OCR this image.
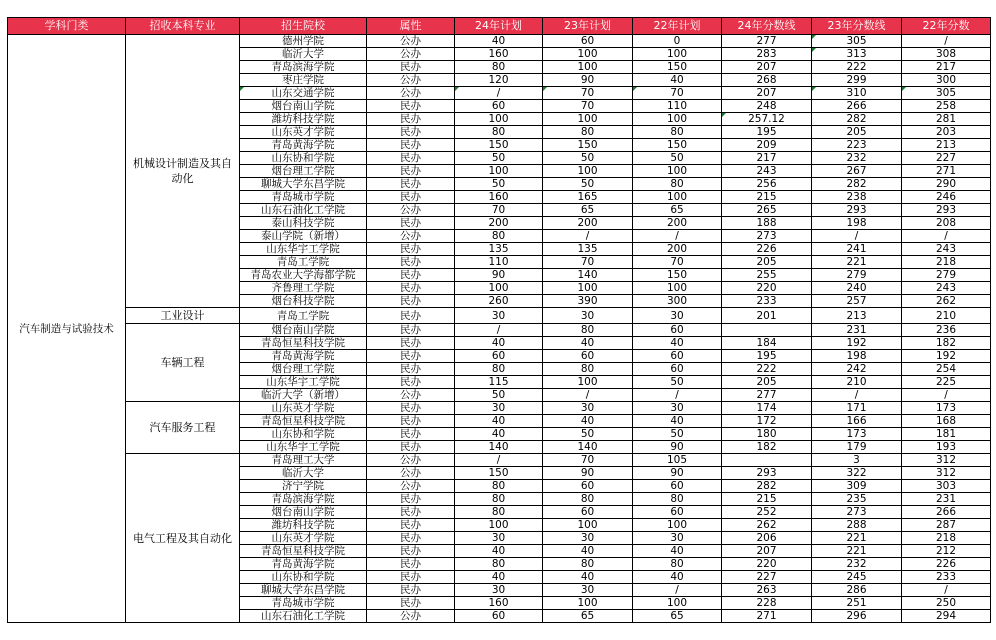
学科门类	招收本科专业	招生院校	属性	24年计划	23年计划	22年计划	24年分数线	23年分数线	22年分数
汽车制造与试验技术	机械设计制造及其自动化	德州学院	公办	40	60	0	277	305	/
		临沂大学	公办	160	100	100	283	313	308
		青岛滨海学院	民办	80	100	150	207	222	217
		枣庄学院	公办	120	90	40	268	299	300
		山东交通学院	公办	/	70	70	207	310	305
		烟台南山学院	民办	60	70	110	248	266	258
		潍坊科技学院	民办	100	100	100	257.12	282	281
		山东英才学院	民办	80	80	80	195	205	203
		青岛黄海学院	民办	150	150	150	209	223	213
		山东协和学院	民办	50	50	50	217	232	227
		烟台理工学院	民办	100	100	100	243	267	271
		聊城大学东昌学院	民办	50	50	80	256	282	290
		青岛城市学院	民办	160	165	100	215	238	246
		山东石油化工学院	公办	70	65	65	265	293	293
		泰山科技学院	民办	200	200	200	188	198	208
		泰山学院（新增）	公办	80	/	/	273	/	/
		山东华宇工学院	民办	135	135	200	226	241	243
		青岛工学院	民办	110	70	70	205	221	218
		青岛农业大学海都学院	民办	90	140	150	255	279	279
		齐鲁理工学院	民办	100	100	100	220	240	243
		烟台科技学院	民办	260	390	300	233	257	262
	工业设计	青岛工学院	民办	30	30	30	201	213	210
	车辆工程	烟台南山学院	民办	/	80	60		231	236
		青岛恒星科技学院	民办	40	40	40	184	192	182
		青岛黄海学院	民办	60	60	60	195	198	192
		烟台理工学院	民办	80	80	60	222	242	254
		山东华宇工学院	民办	115	100	50	205	210	225
		临沂大学（新增）	公办	50	/	/	277	/	/
	汽车服务工程	山东英才学院	民办	30	30	30	174	171	173
		青岛恒星科技学院	民办	40	40	40	172	166	168
		山东协和学院	民办	40	50	50	180	173	181
		山东华宇工学院	民办	140	140	90	182	179	193
	电气工程及其自动化	青岛理工大学	公办	/	70	105		3	312
		临沂大学	公办	150	90	90	293	322	312
		济宁学院	公办	80	60	60	282	309	303
		青岛滨海学院	民办	80	80	80	215	235	231
		烟台南山学院	民办	80	60	60	252	273	266
		潍坊科技学院	民办	100	100	100	262	288	287
		山东英才学院	民办	30	30	30	206	221	218
		青岛恒星科技学院	民办	40	40	40	207	221	212
		青岛黄海学院	民办	80	80	80	220	232	226
		山东协和学院	民办	40	40	40	227	245	233
		聊城大学东昌学院	民办	30	30	/	263	286	/
		青岛城市学院	民办	160	100	100	228	251	250
		山东石油化工学院	公办	60	65	65	271	296	294
